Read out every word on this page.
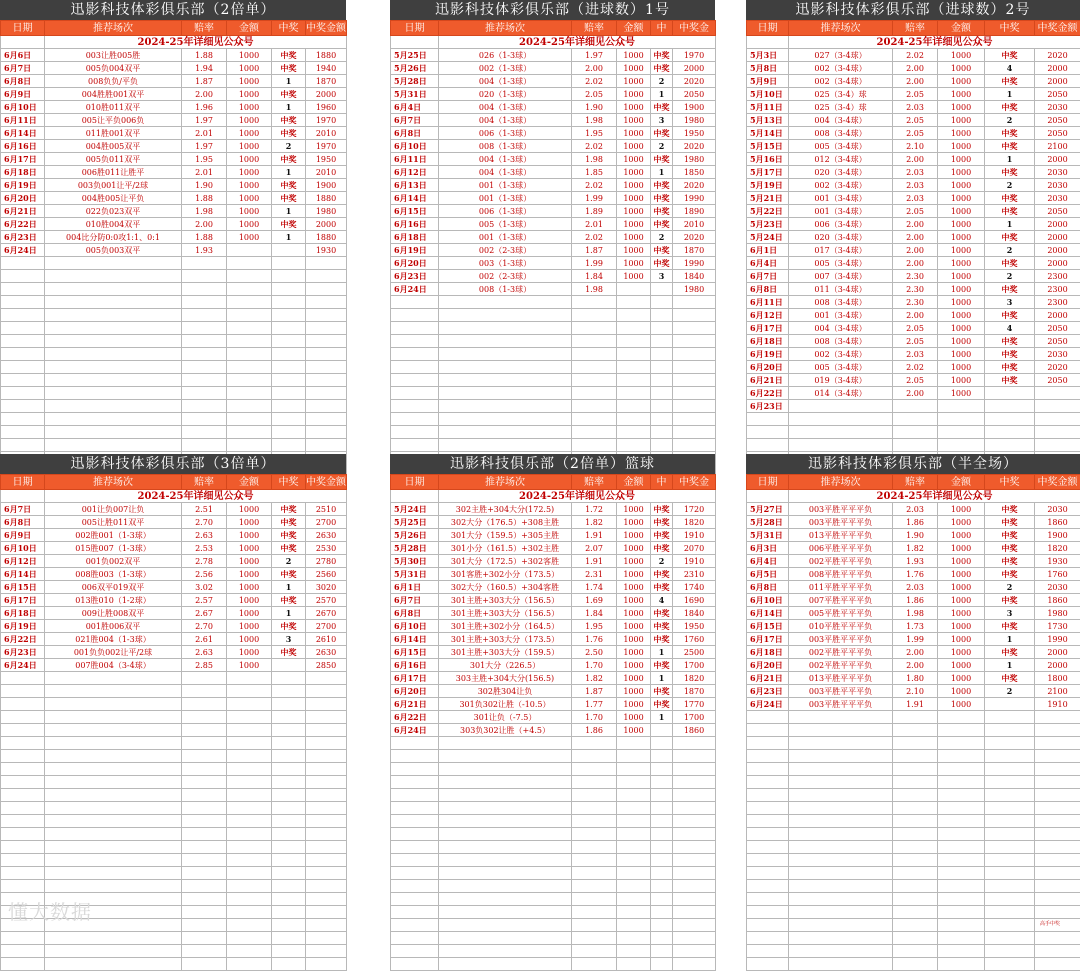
迅影科技体彩俱乐部（2倍单）
日期	推荐场次	赔率	金额	中奖	中奖金额
	2024-25年详细见公众号				
6月6日	003让胜005胜	1.88	1000	中奖	1880
6月7日	005负004双平	1.94	1000	中奖	1940
6月8日	008负负/平负	1.87	1000	1	1870
6月9日	004胜胜001双平	2.00	1000	中奖	2000
6月10日	010胜011双平	1.96	1000	1	1960
6月11日	005让平负006负	1.97	1000	中奖	1970
6月14日	011胜001双平	2.01	1000	中奖	2010
6月16日	004胜005双平	1.97	1000	2	1970
6月17日	005负011双平	1.95	1000	中奖	1950
6月18日	006胜011让胜平	2.01	1000	1	2010
6月19日	003负001让平/2球	1.90	1000	中奖	1900
6月20日	004胜005让平负	1.88	1000	中奖	1880
6月21日	022负023双平	1.98	1000	1	1980
6月22日	010胜004双平	2.00	1000	中奖	2000
6月23日	004比分防0:0攻1:1、0:1	1.88	1000	1	1880
6月24日	005负003双平	1.93			1930

迅影科技体彩俱乐部（进球数）1号
日期	推荐场次	赔率	金额	中	中奖金
	2024-25年详细见公众号				
5月25日	026（1-3球）	1.97	1000	中奖	1970
5月26日	002（1-3球）	2.00	1000	中奖	2000
5月28日	004（1-3球）	2.02	1000	2	2020
5月31日	020（1-3球）	2.05	1000	1	2050
6月4日	004（1-3球）	1.90	1000	中奖	1900
6月7日	004（1-3球）	1.98	1000	3	1980
6月8日	006（1-3球）	1.95	1000	中奖	1950
6月10日	008（1-3球）	2.02	1000	2	2020
6月11日	004（1-3球）	1.98	1000	中奖	1980
6月12日	004（1-3球）	1.85	1000	1	1850
6月13日	001（1-3球）	2.02	1000	中奖	2020
6月14日	001（1-3球）	1.99	1000	中奖	1990
6月15日	006（1-3球）	1.89	1000	中奖	1890
6月16日	005（1-3球）	2.01	1000	中奖	2010
6月18日	001（1-3球）	2.02	1000	2	2020
6月19日	002（2-3球）	1.87	1000	中奖	1870
6月20日	003（1-3球）	1.99	1000	中奖	1990
6月23日	002（2-3球）	1.84	1000	3	1840
6月24日	008（1-3球）	1.98			1980

迅影科技体彩俱乐部（进球数）2号
日期	推荐场次	赔率	金额	中奖	中奖金额
	2024-25年详细见公众号				
5月3日	027（3-4球）	2.02	1000	中奖	2020
5月8日	002（3-4球）	2.00	1000	4	2000
5月9日	002（3-4球）	2.00	1000	中奖	2000
5月10日	025（3-4）球	2.05	1000	1	2050
5月11日	025（3-4）球	2.03	1000	中奖	2030
5月13日	004（3-4球）	2.05	1000	2	2050
5月14日	008（3-4球）	2.05	1000	中奖	2050
5月15日	005（3-4球）	2.10	1000	中奖	2100
5月16日	012（3-4球）	2.00	1000	1	2000
5月17日	020（3-4球）	2.03	1000	中奖	2030
5月19日	002（3-4球）	2.03	1000	2	2030
5月21日	001（3-4球）	2.03	1000	中奖	2030
5月22日	001（3-4球）	2.05	1000	中奖	2050
5月23日	006（3-4球）	2.00	1000	1	2000
5月24日	020（3-4球）	2.00	1000	中奖	2000
6月1日	017（3-4球）	2.00	1000	2	2000
6月4日	005（3-4球）	2.00	1000	中奖	2000
6月7日	007（3-4球）	2.30	1000	2	2300
6月8日	011（3-4球）	2.30	1000	中奖	2300
6月11日	008（3-4球）	2.30	1000	3	2300
6月12日	001（3-4球）	2.00	1000	中奖	2000
6月17日	004（3-4球）	2.05	1000	4	2050
6月18日	008（3-4球）	2.05	1000	中奖	2050
6月19日	002（3-4球）	2.03	1000	中奖	2030
6月20日	005（3-4球）	2.02	1000	中奖	2020
6月21日	019（3-4球）	2.05	1000	中奖	2050
6月22日	014（3-4球）	2.00	1000		
6月23日					

迅影科技体彩俱乐部（3倍单）
日期	推荐场次	赔率	金额	中奖	中奖金额
	2024-25年详细见公众号				
6月7日	001让负007让负	2.51	1000	中奖	2510
6月8日	005让胜011双平	2.70	1000	中奖	2700
6月9日	002胜001（1-3球）	2.63	1000	中奖	2630
6月10日	015胜007（1-3球）	2.53	1000	中奖	2530
6月12日	001负002双平	2.78	1000	2	2780
6月14日	008胜003（1-3球）	2.56	1000	中奖	2560
6月15日	006双平019双平	3.02	1000	1	3020
6月17日	013胜010（1-2球）	2.57	1000	中奖	2570
6月18日	009让胜008双平	2.67	1000	1	2670
6月19日	001胜006双平	2.70	1000	中奖	2700
6月22日	021胜004（1-3球）	2.61	1000	3	2610
6月23日	001负负002让平/2球	2.63	1000	中奖	2630
6月24日	007胜004（3-4球）	2.85	1000		2850

迅影科技俱乐部（2倍单）篮球
日期	推荐场次	赔率	金额	中	中奖金
	2024-25年详细见公众号				
5月24日	302主胜+304大分(172.5)	1.72	1000	中奖	1720
5月25日	302大分（176.5）+308主胜	1.82	1000	中奖	1820
5月26日	301大分（159.5）+305主胜	1.91	1000	中奖	1910
5月28日	301小分（161.5）+302主胜	2.07	1000	中奖	2070
5月30日	301大分（172.5）+302客胜	1.91	1000	2	1910
5月31日	301客胜+302小分（173.5）	2.31	1000	中奖	2310
6月1日	302大分（160.5）+304客胜	1.74	1000	中奖	1740
6月7日	301主胜+303大分（156.5）	1.69	1000	4	1690
6月8日	301主胜+303大分（156.5）	1.84	1000	中奖	1840
6月10日	301主胜+302小分（164.5）	1.95	1000	中奖	1950
6月14日	301主胜+303大分（173.5）	1.76	1000	中奖	1760
6月15日	301主胜+303大分（159.5）	2.50	1000	1	2500
6月16日	301大分（226.5）	1.70	1000	中奖	1700
6月17日	303主胜+304大分(156.5)	1.82	1000	1	1820
6月20日	302胜304让负	1.87	1000	中奖	1870
6月21日	301负302让胜（-10.5）	1.77	1000	中奖	1770
6月22日	301让负（-7.5）	1.70	1000	1	1700
6月24日	303负302让胜（+4.5）	1.86	1000		1860

迅影科技体彩俱乐部（半全场）
日期	推荐场次	赔率	金额	中奖	中奖金额
	2024-25年详细见公众号				
5月27日	003平胜平平平负	2.03	1000	中奖	2030
5月28日	003平胜平平平负	1.86	1000	中奖	1860
5月31日	013平胜平平平负	1.90	1000	中奖	1900
6月3日	006平胜平平平负	1.82	1000	中奖	1820
6月4日	002平胜平平平负	1.93	1000	中奖	1930
6月5日	008平胜平平平负	1.76	1000	中奖	1760
6月8日	011平胜平平平负	2.03	1000	2	2030
6月10日	007平胜平平平负	1.86	1000	中奖	1860
6月14日	005平胜平平平负	1.98	1000	3	1980
6月15日	010平胜平平平负	1.73	1000	中奖	1730
6月17日	003平胜平平平负	1.99	1000	1	1990
6月18日	002平胜平平平负	2.00	1000	中奖	2000
6月20日	002平胜平平平负	2.00	1000	1	2000
6月21日	013平胜平平平负	1.80	1000	中奖	1800
6月23日	003平胜平平平负	2.10	1000	2	2100
6月24日	003平胜平平平负	1.91	1000		1910

懂大数据	高手中奖
